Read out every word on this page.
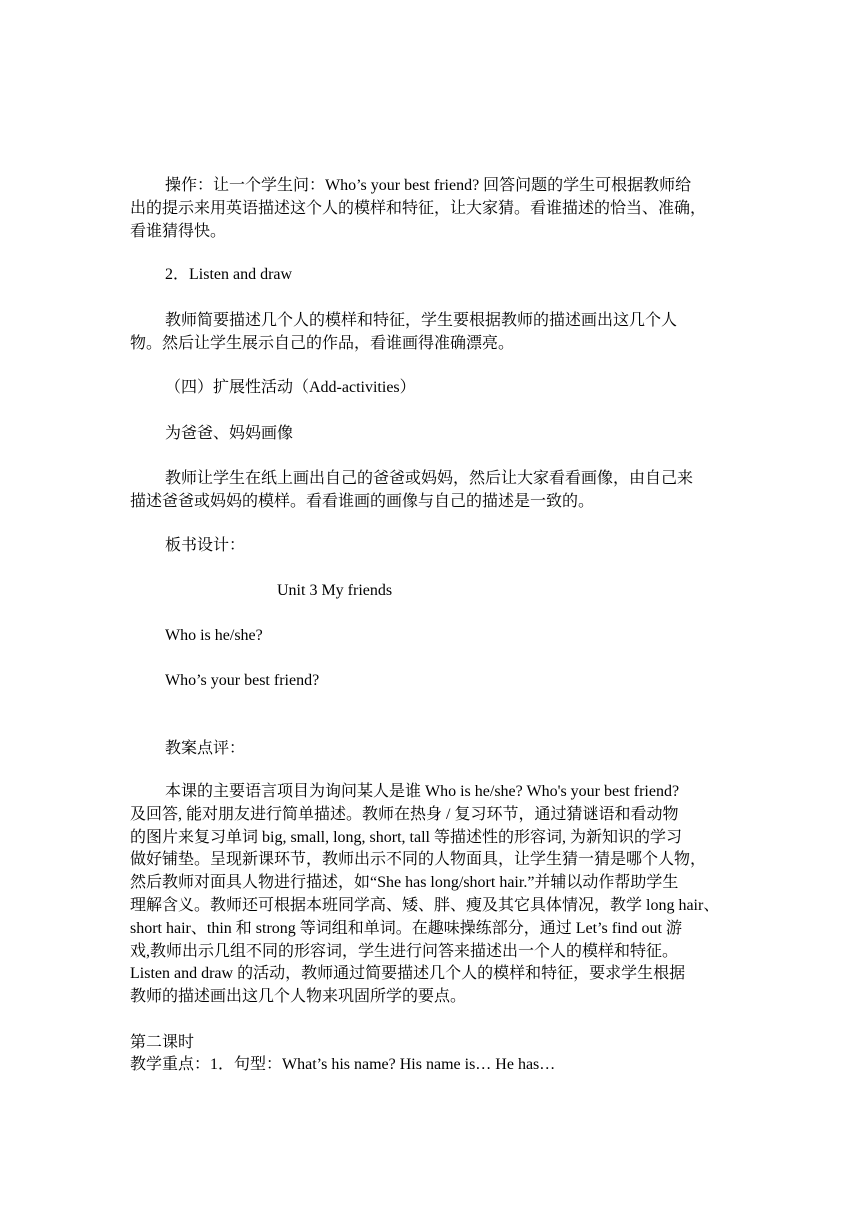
操作：让一个学生问：Who’s your best friend? 回答问题的学生可根据教师给
出的提示来用英语描述这个人的模样和特征，让大家猜。看谁描述的恰当、准确，
看谁猜得快。

2．Listen and draw

教师简要描述几个人的模样和特征，学生要根据教师的描述画出这几个人
物。然后让学生展示自己的作品，看谁画得准确漂亮。

（四）扩展性活动（Add-activities）

为爸爸、妈妈画像

教师让学生在纸上画出自己的爸爸或妈妈，然后让大家看看画像，由自己来
描述爸爸或妈妈的模样。看看谁画的画像与自己的描述是一致的。

板书设计：

Unit 3 My friends

Who is he/she?

Who’s your best friend?

教案点评：

本课的主要语言项目为询问某人是谁 Who is he/she? Who's your best friend?
及回答, 能对朋友进行简单描述。教师在热身 / 复习环节，通过猜谜语和看动物
的图片来复习单词 big, small, long, short, tall 等描述性的形容词, 为新知识的学习
做好铺垫。呈现新课环节，教师出示不同的人物面具，让学生猜一猜是哪个人物，
然后教师对面具人物进行描述，如“She has long/short hair.”并辅以动作帮助学生
理解含义。教师还可根据本班同学高、矮、胖、瘦及其它具体情况，教学 long hair、
short hair、thin 和 strong 等词组和单词。在趣味操练部分，通过 Let’s find out 游
戏,教师出示几组不同的形容词，学生进行问答来描述出一个人的模样和特征。
Listen and draw 的活动，教师通过简要描述几个人的模样和特征，要求学生根据
教师的描述画出这几个人物来巩固所学的要点。

第二课时

教学重点：1．句型：What’s his name? His name is… He has…
